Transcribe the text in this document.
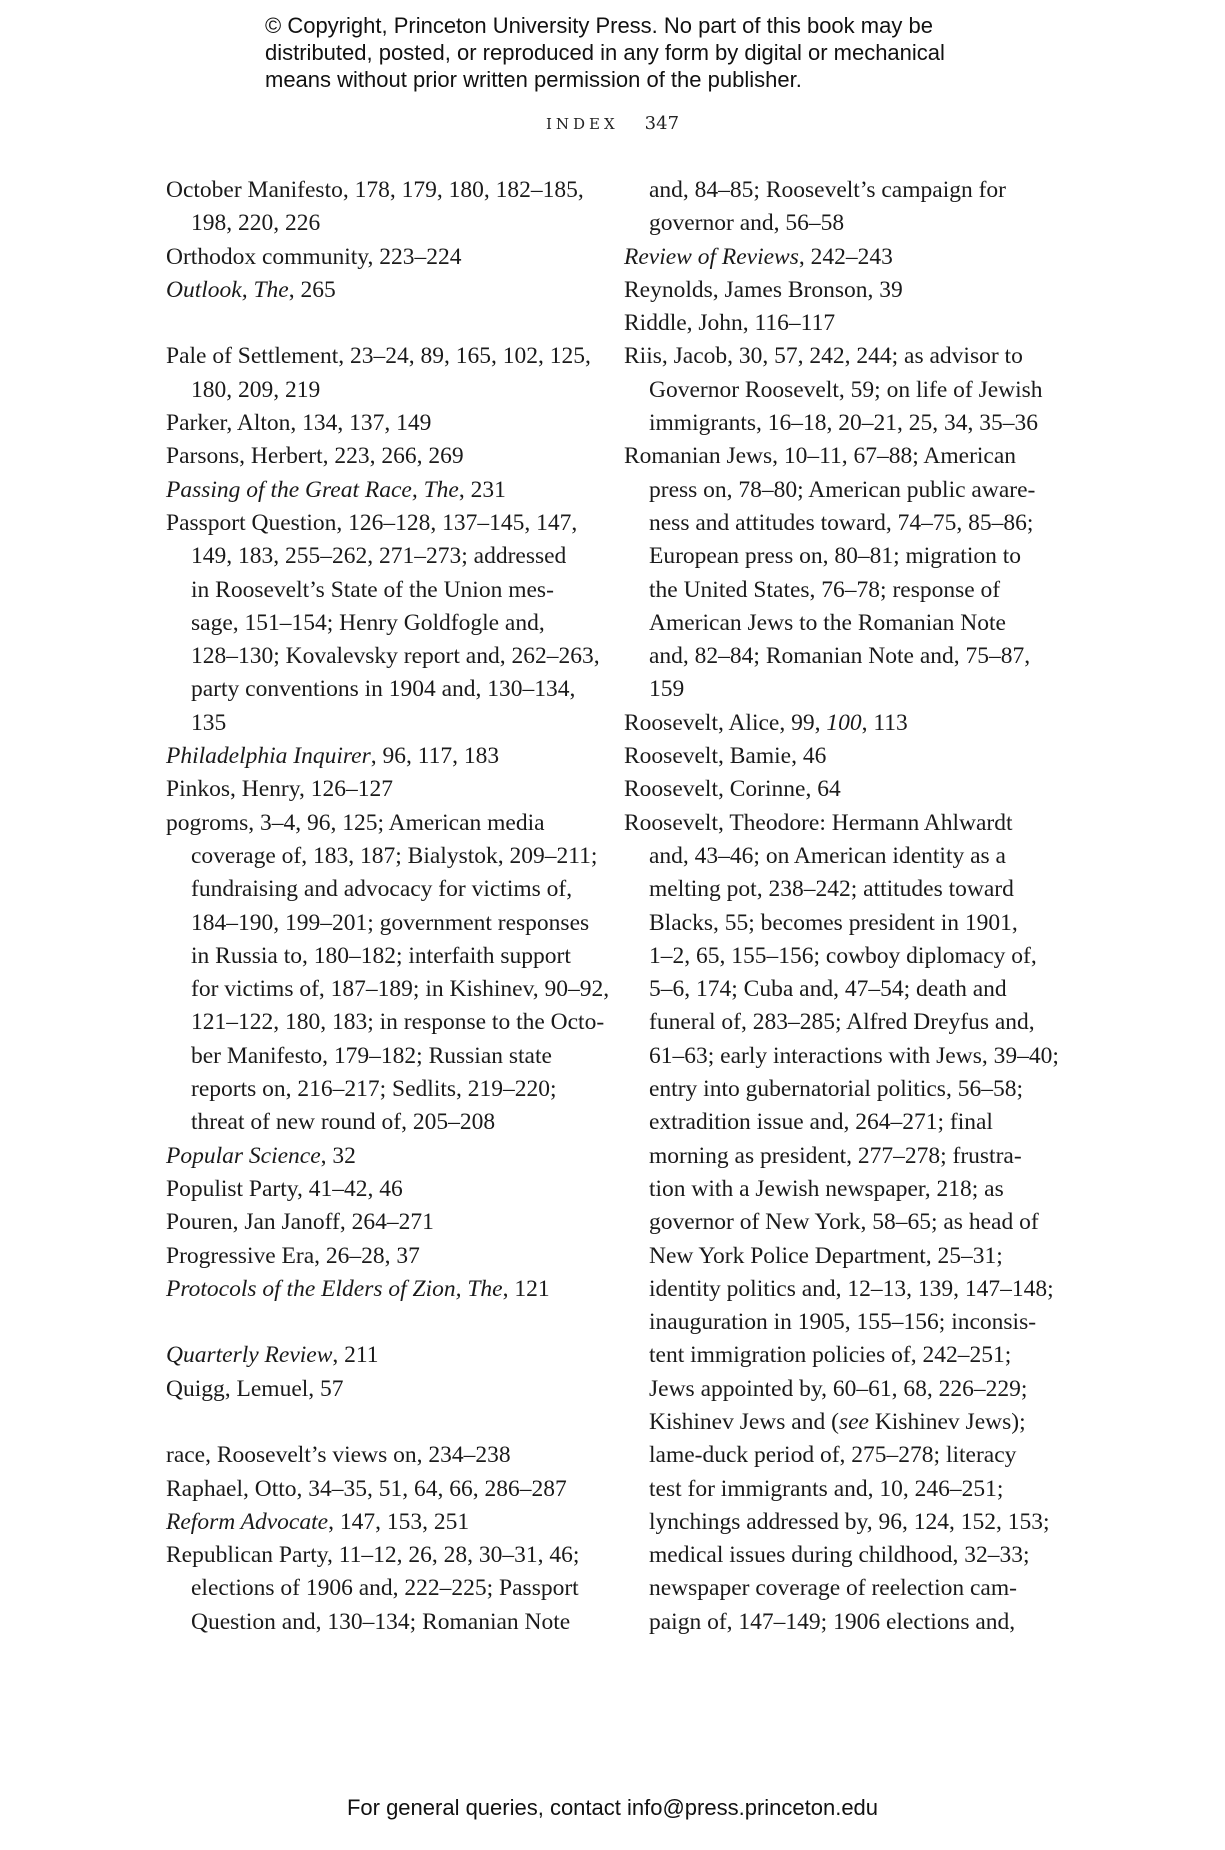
© Copyright, Princeton University Press. No part of this book may be
distributed, posted, or reproduced in any form by digital or mechanical
means without prior written permission of the publisher.
INDEX 347
October Manifesto, 178, 179, 180, 182–185,
198, 220, 226
Orthodox community, 223–224
Outlook, The, 265
Pale of Settlement, 23–24, 89, 165, 102, 125,
180, 209, 219
Parker, Alton, 134, 137, 149
Parsons, Herbert, 223, 266, 269
Passing of the Great Race, The, 231
Passport Question, 126–128, 137–145, 147,
149, 183, 255–262, 271–273; addressed
in Roosevelt’s State of the Union mes-
sage, 151–154; Henry Goldfogle and,
128–130; Kovalevsky report and, 262–263,
party conventions in 1904 and, 130–134,
135
Philadelphia Inquirer, 96, 117, 183
Pinkos, Henry, 126–127
pogroms, 3–4, 96, 125; American media
coverage of, 183, 187; Bialystok, 209–211;
fundraising and advocacy for victims of,
184–190, 199–201; government responses
in Russia to, 180–182; interfaith support
for victims of, 187–189; in Kishinev, 90–92,
121–122, 180, 183; in response to the Octo-
ber Manifesto, 179–182; Russian state
reports on, 216–217; Sedlits, 219–220;
threat of new round of, 205–208
Popular Science, 32
Populist Party, 41–42, 46
Pouren, Jan Janoff, 264–271
Progressive Era, 26–28, 37
Protocols of the Elders of Zion, The, 121
Quarterly Review, 211
Quigg, Lemuel, 57
race, Roosevelt’s views on, 234–238
Raphael, Otto, 34–35, 51, 64, 66, 286–287
Reform Advocate, 147, 153, 251
Republican Party, 11–12, 26, 28, 30–31, 46;
elections of 1906 and, 222–225; Passport
Question and, 130–134; Romanian Note
and, 84–85; Roosevelt’s campaign for
governor and, 56–58
Review of Reviews, 242–243
Reynolds, James Bronson, 39
Riddle, John, 116–117
Riis, Jacob, 30, 57, 242, 244; as advisor to
Governor Roosevelt, 59; on life of Jewish
immigrants, 16–18, 20–21, 25, 34, 35–36
Romanian Jews, 10–11, 67–88; American
press on, 78–80; American public aware-
ness and attitudes toward, 74–75, 85–86;
European press on, 80–81; migration to
the United States, 76–78; response of
American Jews to the Romanian Note
and, 82–84; Romanian Note and, 75–87,
159
Roosevelt, Alice, 99, 100, 113
Roosevelt, Bamie, 46
Roosevelt, Corinne, 64
Roosevelt, Theodore: Hermann Ahlwardt
and, 43–46; on American identity as a
melting pot, 238–242; attitudes toward
Blacks, 55; becomes president in 1901,
1–2, 65, 155–156; cowboy diplomacy of,
5–6, 174; Cuba and, 47–54; death and
funeral of, 283–285; Alfred Dreyfus and,
61–63; early interactions with Jews, 39–40;
entry into gubernatorial politics, 56–58;
extradition issue and, 264–271; final
morning as president, 277–278; frustra-
tion with a Jewish newspaper, 218; as
governor of New York, 58–65; as head of
New York Police Department, 25–31;
identity politics and, 12–13, 139, 147–148;
inauguration in 1905, 155–156; inconsis-
tent immigration policies of, 242–251;
Jews appointed by, 60–61, 68, 226–229;
Kishinev Jews and (see Kishinev Jews);
lame-duck period of, 275–278; literacy
test for immigrants and, 10, 246–251;
lynchings addressed by, 96, 124, 152, 153;
medical issues during childhood, 32–33;
newspaper coverage of reelection cam-
paign of, 147–149; 1906 elections and,
For general queries, contact info@press.princeton.edu
